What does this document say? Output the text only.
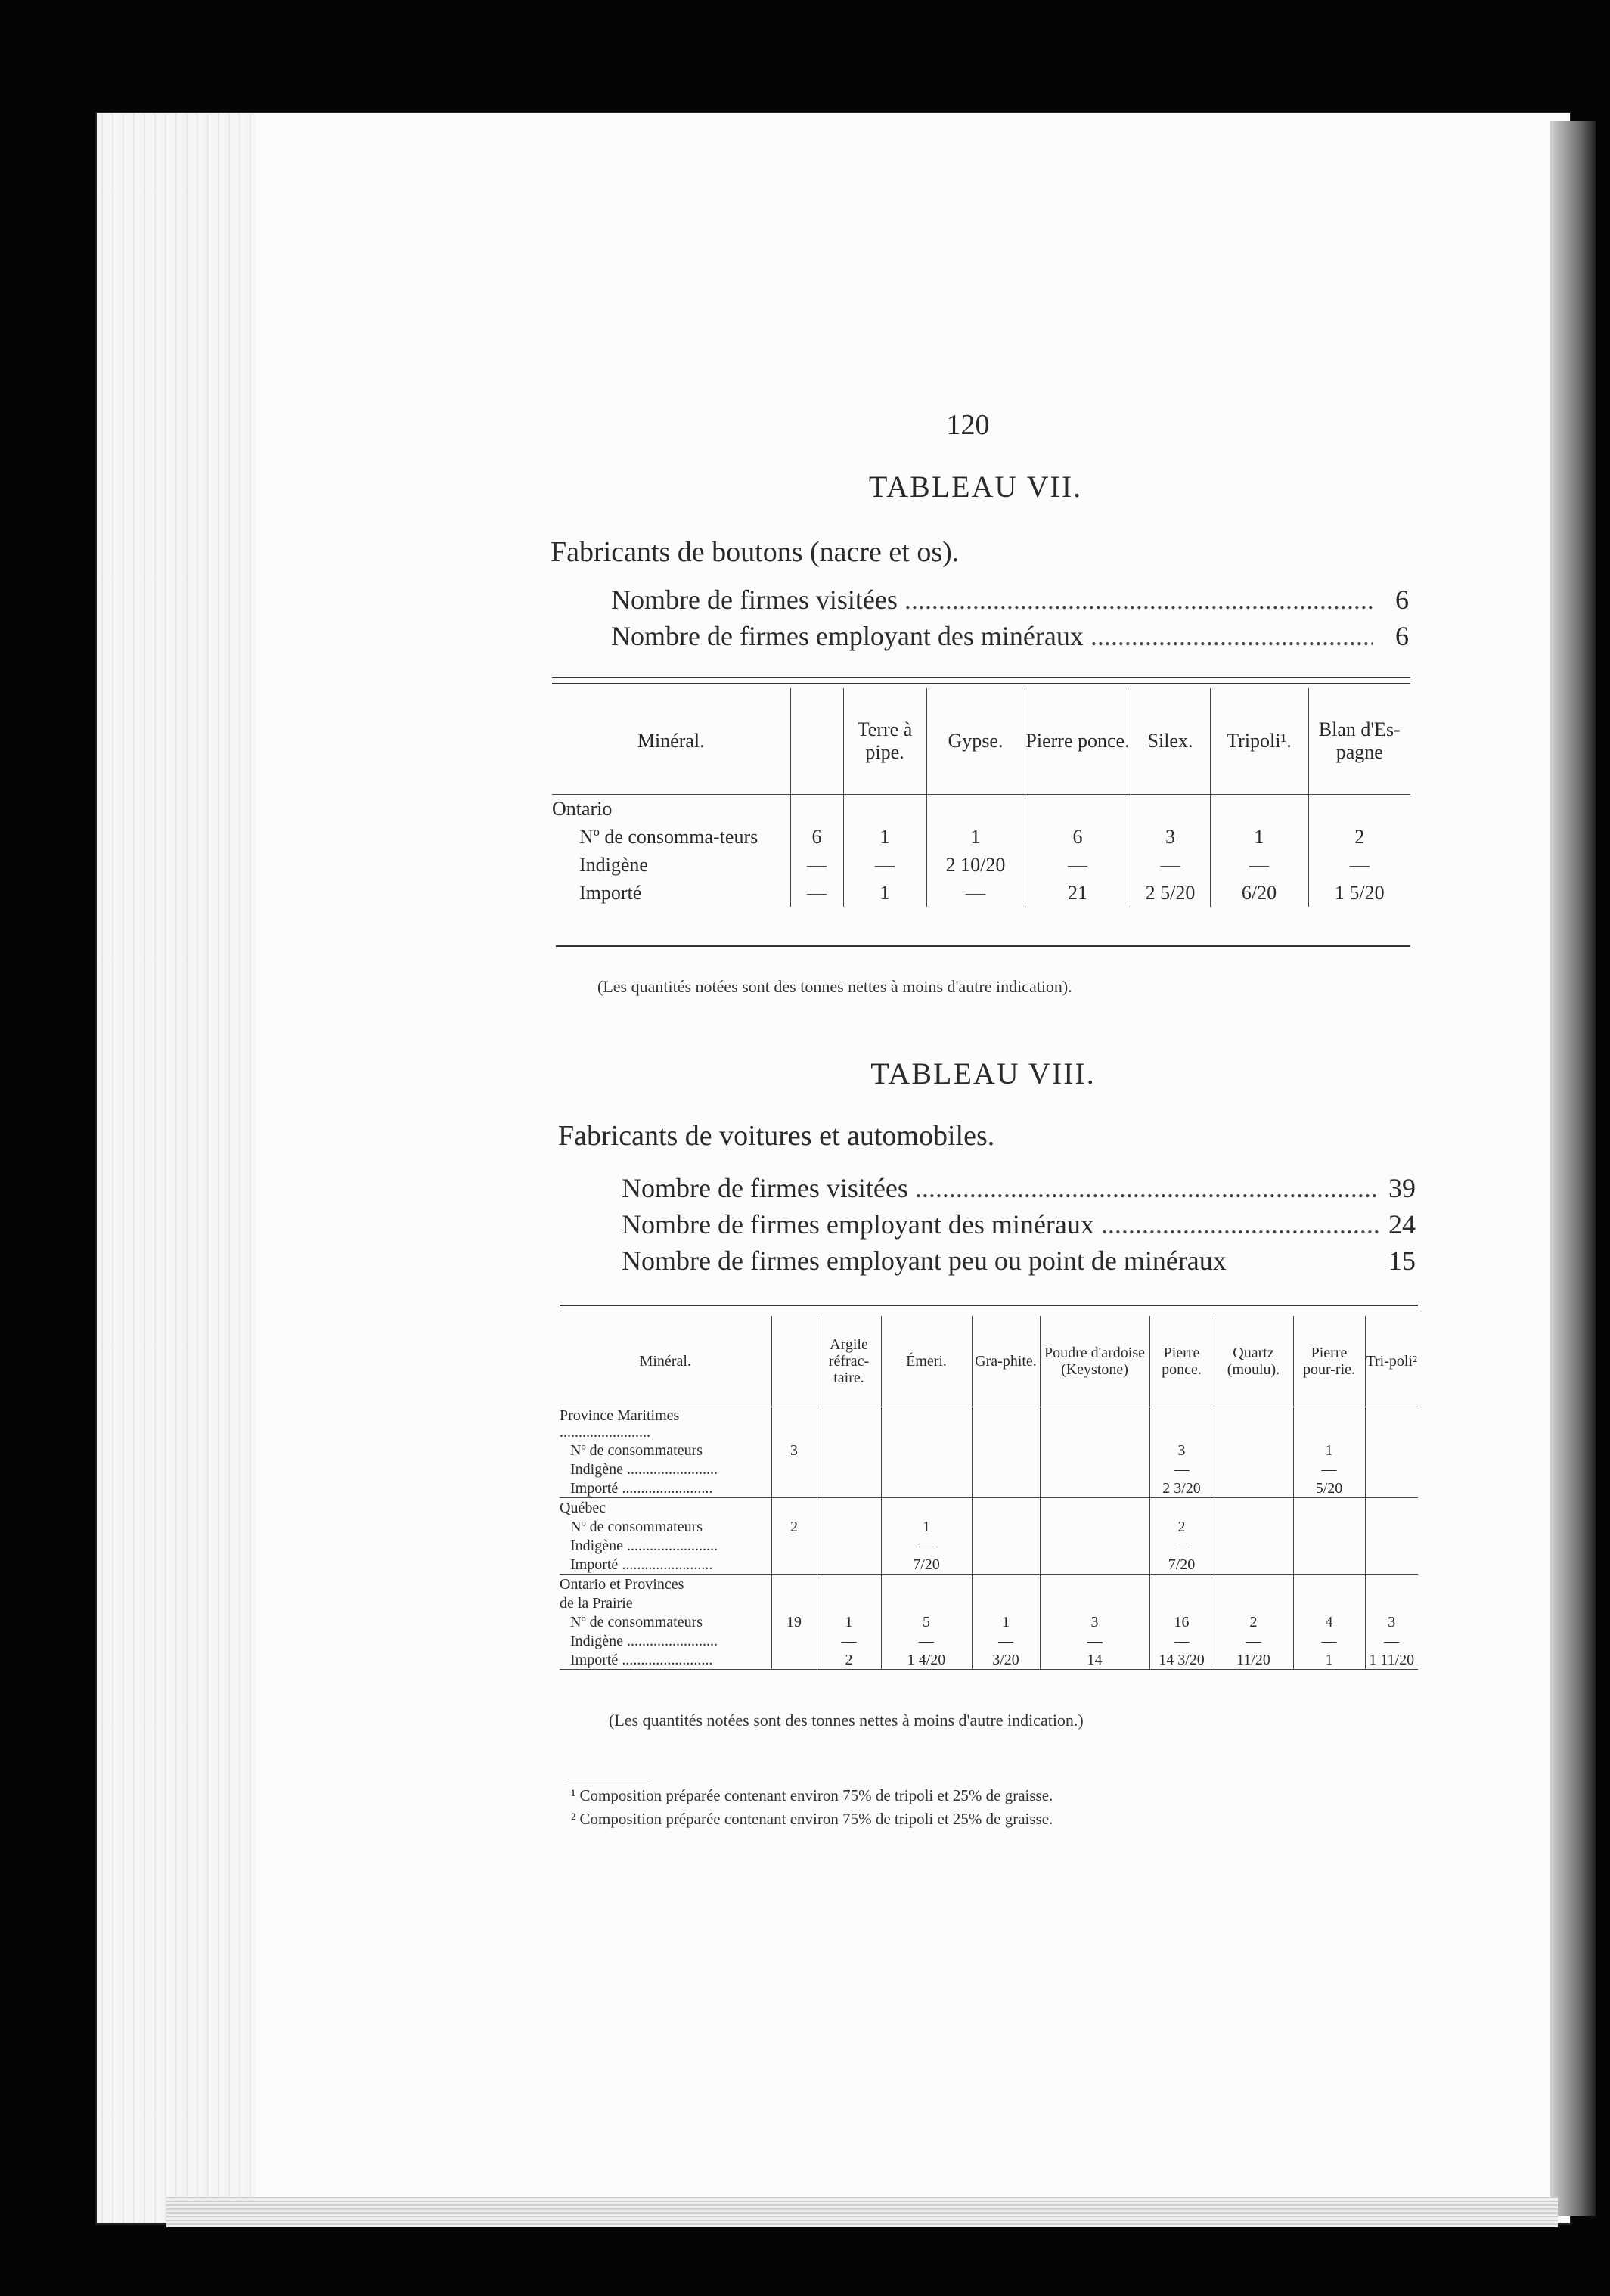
120
TABLEAU VII.
Fabricants de boutons (nacre et os).
Nombre de firmes visitées .....	6
Nombre de firmes employant des minéraux .....	6
Minéral.		Terre à pipe.	Gypse.	Pierre ponce.	Silex.	Tripoli¹.	Blan d'Es-pagne
Ontario							
Nº de consomma-teurs	6	1	1	6	3	1	2
Indigène	—	—	2 10/20	—	—	—	—
Importé	—	1	—	21	2 5/20	6/20	1 5/20
(Les quantités notées sont des tonnes nettes à moins d'autre indication).
TABLEAU VIII.
Fabricants de voitures et automobiles.
Nombre de firmes visitées .....	39
Nombre de firmes employant des minéraux .....	24
Nombre de firmes employant peu ou point de minéraux	15
Minéral.		Argile réfrac-taire.	Émeri.	Gra-phite.	Poudre d'ardoise (Keystone)	Pierre ponce.	Quartz (moulu).	Pierre pour-rie.	Tri-poli²
Province Maritimes .....									
Nº de consommateurs	3					3		1	
Indigène .....						—		—	
Importé .....						2 3/20		5/20	
Québec									
Nº de consommateurs	2		1			2			
Indigène .....			—			—			
Importé .....			7/20			7/20			
Ontario et Provinces									
de la Prairie									
Nº de consommateurs	19	1	5	1	3	16	2	4	3
Indigène .....		—	—	—	—	—	—	—	—
Importé .....		2	1 4/20	3/20	14	14 3/20	11/20	1	1 11/20
(Les quantités notées sont des tonnes nettes à moins d'autre indication.)
¹ Composition préparée contenant environ 75% de tripoli et 25% de graisse.
² Composition préparée contenant environ 75% de tripoli et 25% de graisse.
